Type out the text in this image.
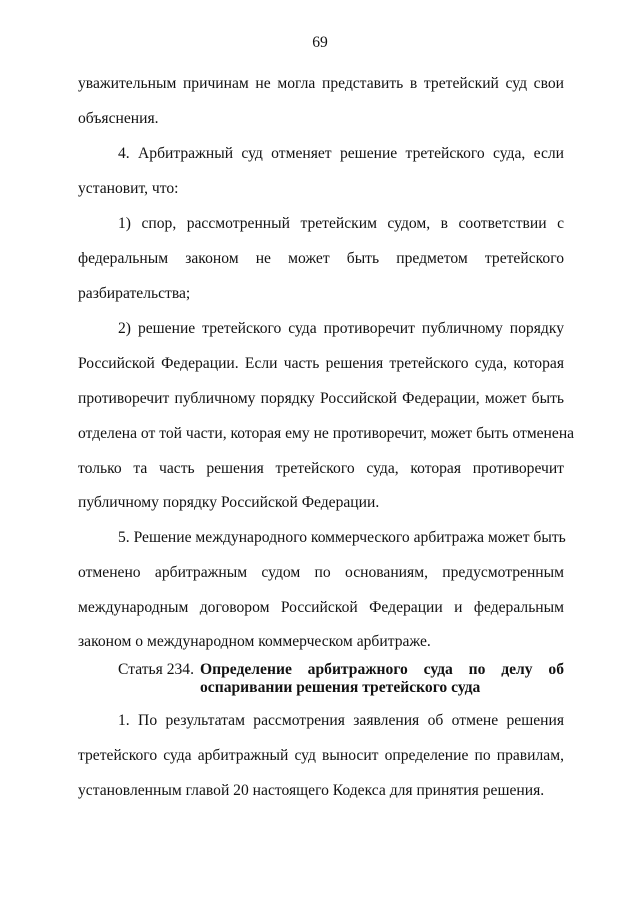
69
уважительным причинам не могла представить в третейский суд свои
объяснения.
4. Арбитражный суд отменяет решение третейского суда, если
установит, что:
1) спор, рассмотренный третейским судом, в соответствии с
федеральным законом не может быть предметом третейского
разбирательства;
2) решение третейского суда противоречит публичному порядку
Российской Федерации. Если часть решения третейского суда, которая
противоречит публичному порядку Российской Федерации, может быть
отделена от той части, которая ему не противоречит, может быть отменена
только та часть решения третейского суда, которая противоречит
публичному порядку Российской Федерации.
5. Решение международного коммерческого арбитража может быть
отменено арбитражным судом по основаниям, предусмотренным
международным договором Российской Федерации и федеральным
законом о международном коммерческом арбитраже.
Статья 234. Определение арбитражного суда по делу об
оспаривании решения третейского суда
1. По результатам рассмотрения заявления об отмене решения
третейского суда арбитражный суд выносит определение по правилам,
установленным главой 20 настоящего Кодекса для принятия решения.
